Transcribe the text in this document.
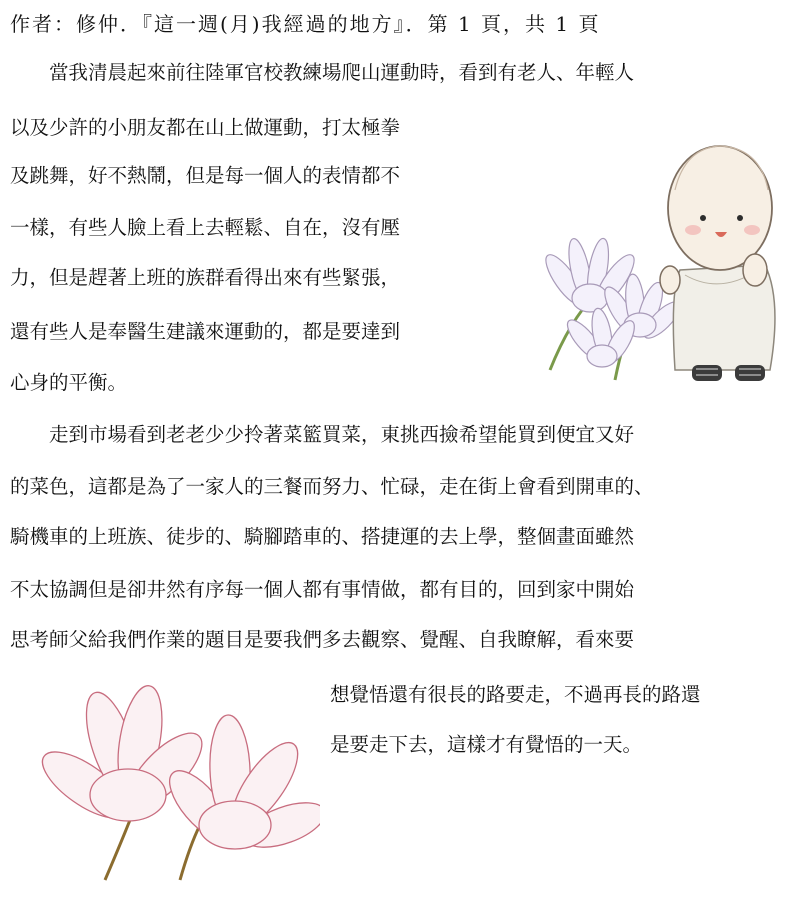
作者：修仲．『這一週(月)我經過的地方』．第 1 頁，共 1 頁
當我清晨起來前往陸軍官校教練場爬山運動時，看到有老人、年輕人
以及少許的小朋友都在山上做運動，打太極拳
及跳舞，好不熱鬧，但是每一個人的表情都不
一樣，有些人臉上看上去輕鬆、自在，沒有壓
力，但是趕著上班的族群看得出來有些緊張，
還有些人是奉醫生建議來運動的，都是要達到
心身的平衡。
走到市場看到老老少少拎著菜籃買菜，東挑西撿希望能買到便宜又好
的菜色，這都是為了一家人的三餐而努力、忙碌，走在街上會看到開車的、
騎機車的上班族、徒步的、騎腳踏車的、搭捷運的去上學，整個畫面雖然
不太協調但是卻井然有序每一個人都有事情做，都有目的，回到家中開始
思考師父給我們作業的題目是要我們多去觀察、覺醒、自我瞭解，看來要
想覺悟還有很長的路要走，不過再長的路還
是要走下去，這樣才有覺悟的一天。
